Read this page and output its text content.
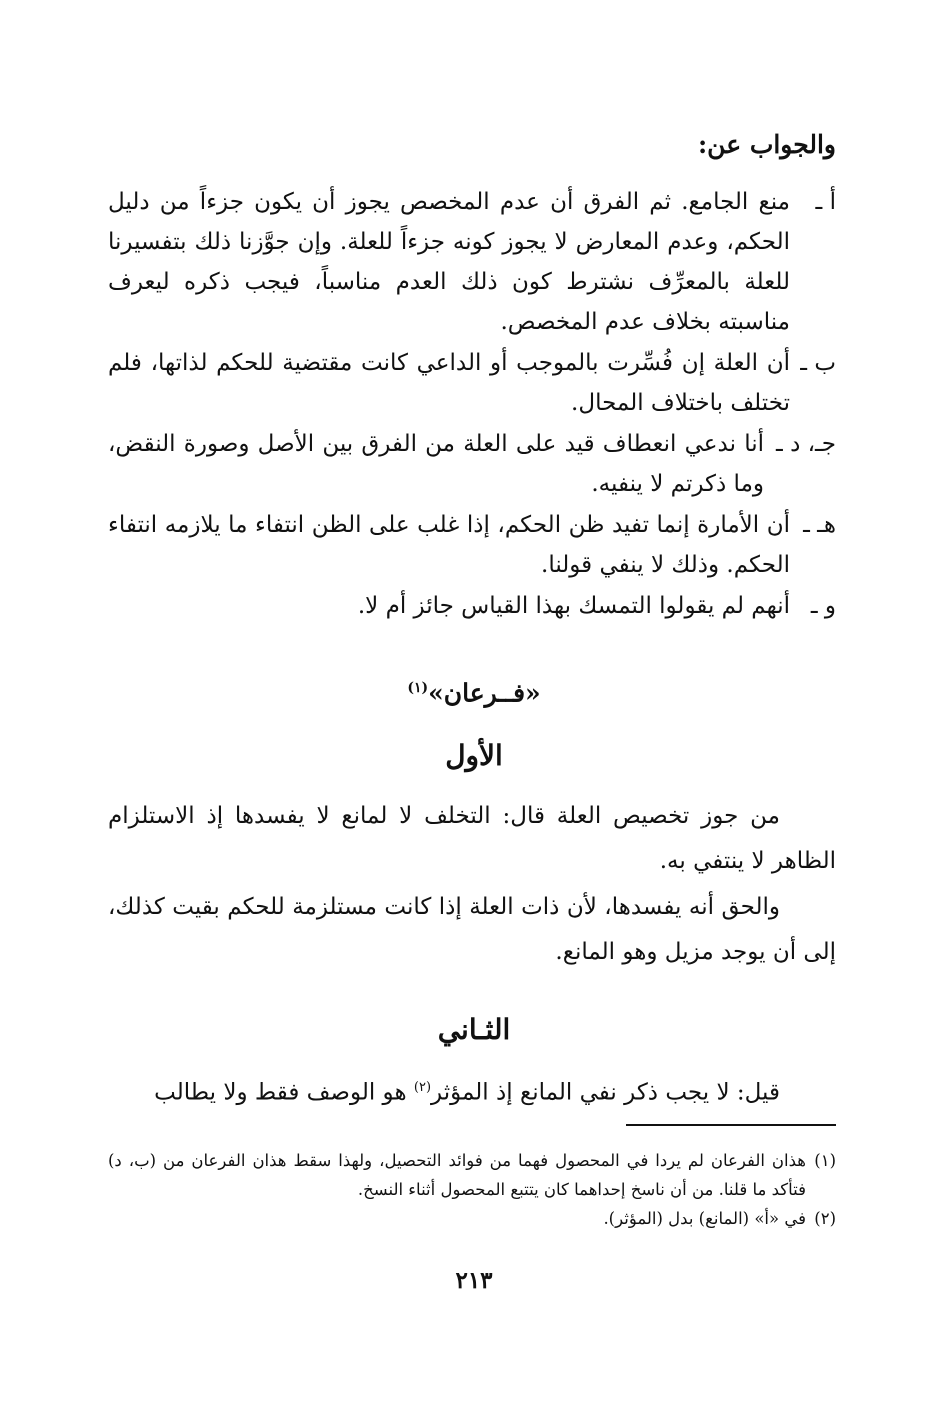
والجواب عن:
أ ـ
منع الجامع. ثم الفرق أن عدم المخصص يجوز أن يكون جزءاً من دليل الحكم، وعدم المعارض لا يجوز كونه جزءاً للعلة. وإن جوَّزنا ذلك بتفسيرنا للعلة بالمعرِّف نشترط كون ذلك العدم مناسباً، فيجب ذكره ليعرف مناسبته بخلاف عدم المخصص.
ب ـ
أن العلة إن فُسِّرت بالموجب أو الداعي كانت مقتضية للحكم لذاتها، فلم تختلف باختلاف المحال.
جـ، د ـ
أنا ندعي انعطاف قيد على العلة من الفرق بين الأصل وصورة النقض، وما ذكرتم لا ينفيه.
هـ ـ
أن الأمارة إنما تفيد ظن الحكم، إذا غلب على الظن انتفاء ما يلازمه انتفاء الحكم. وذلك لا ينفي قولنا.
و ـ
أنهم لم يقولوا التمسك بهذا القياس جائز أم لا.
«فــرعان»$^{(١)}$
الأول
من جوز تخصيص العلة قال: التخلف لا لمانع لا يفسدها إذ الاستلزام الظاهر لا ينتفي به.
والحق أنه يفسدها، لأن ذات العلة إذا كانت مستلزمة للحكم بقيت كذلك، إلى أن يوجد مزيل وهو المانع.
الثـاني
قيل: لا يجب ذكر نفي المانع إذ المؤثر$^{(٢)}$ هو الوصف فقط ولا يطالب
(١)
هذان الفرعان لم يردا في المحصول فهما من فوائد التحصيل، ولهذا سقط هذان الفرعان من (ب، د) فتأكد ما قلنا. من أن ناسخ إحداهما كان يتتبع المحصول أثناء النسخ.
(٢)
في «أ» (المانع) بدل (المؤثر).
٢١٣
